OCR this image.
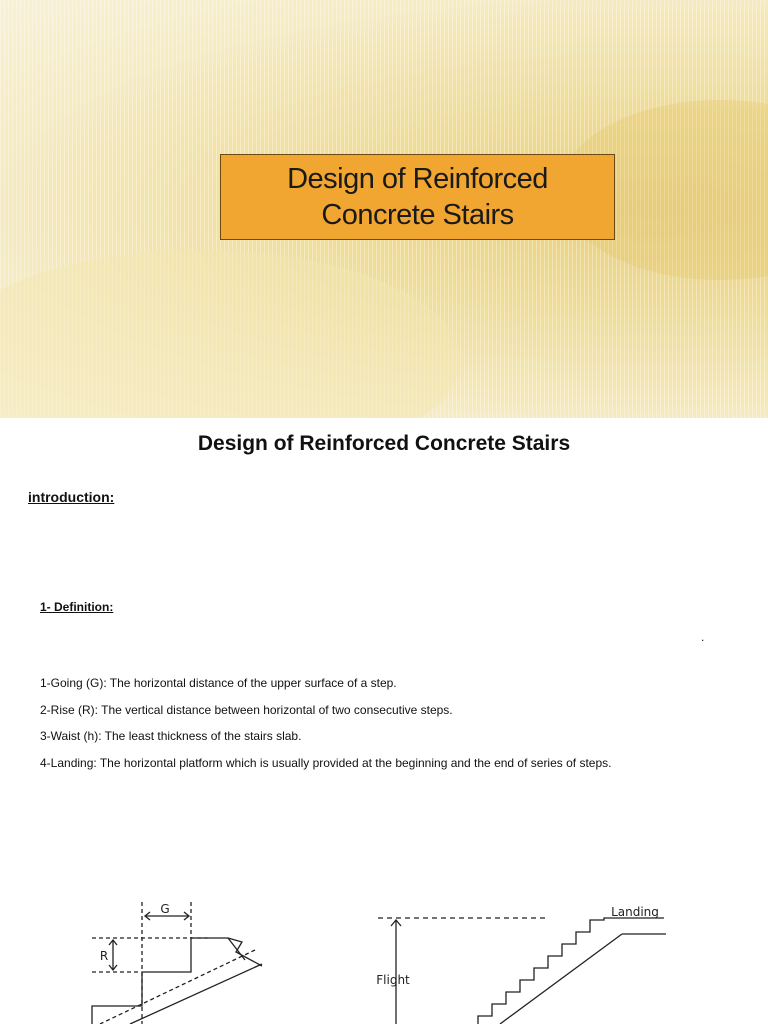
Design of Reinforced
Concrete Stairs
Design of Reinforced Concrete Stairs
introduction:
1- Definition:
.
1-Going (G): The horizontal distance of the upper surface of a step.
2-Rise (R): The vertical distance between horizontal of two consecutive steps.
3-Waist (h): The least thickness of the stairs slab.
4-Landing: The horizontal platform which is usually provided at the beginning and the end of series of steps.
G
R
Landing
Flight
